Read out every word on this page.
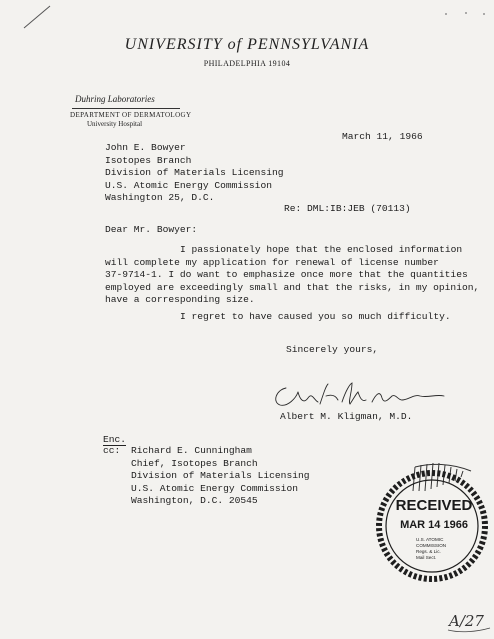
UNIVERSITY of PENNSYLVANIA
PHILADELPHIA 19104
Duhring Laboratories
DEPARTMENT OF DERMATOLOGY
University Hospital
March 11, 1966
John E. Bowyer
Isotopes Branch
Division of Materials Licensing
U.S. Atomic Energy Commission
Washington 25, D.C.
Re: DML:IB:JEB (70113)
Dear Mr. Bowyer:
I passionately hope that the enclosed information
will complete my application for renewal of license number
37-9714-1. I do want to emphasize once more that the quantities
employed are exceedingly small and that the risks, in my opinion,
have a corresponding size.
I regret to have caused you so much difficulty.
Sincerely yours,
Albert M. Kligman, M.D.
Enc.
cc: Richard E. Cunningham
Chief, Isotopes Branch
Division of Materials Licensing
U.S. Atomic Energy Commission
Washington, D.C. 20545	RECEIVED
MAR 14 1966
U.S. ATOMIC
COMMISSION
Regs. & Lic.
Mail Sect.
A/27
